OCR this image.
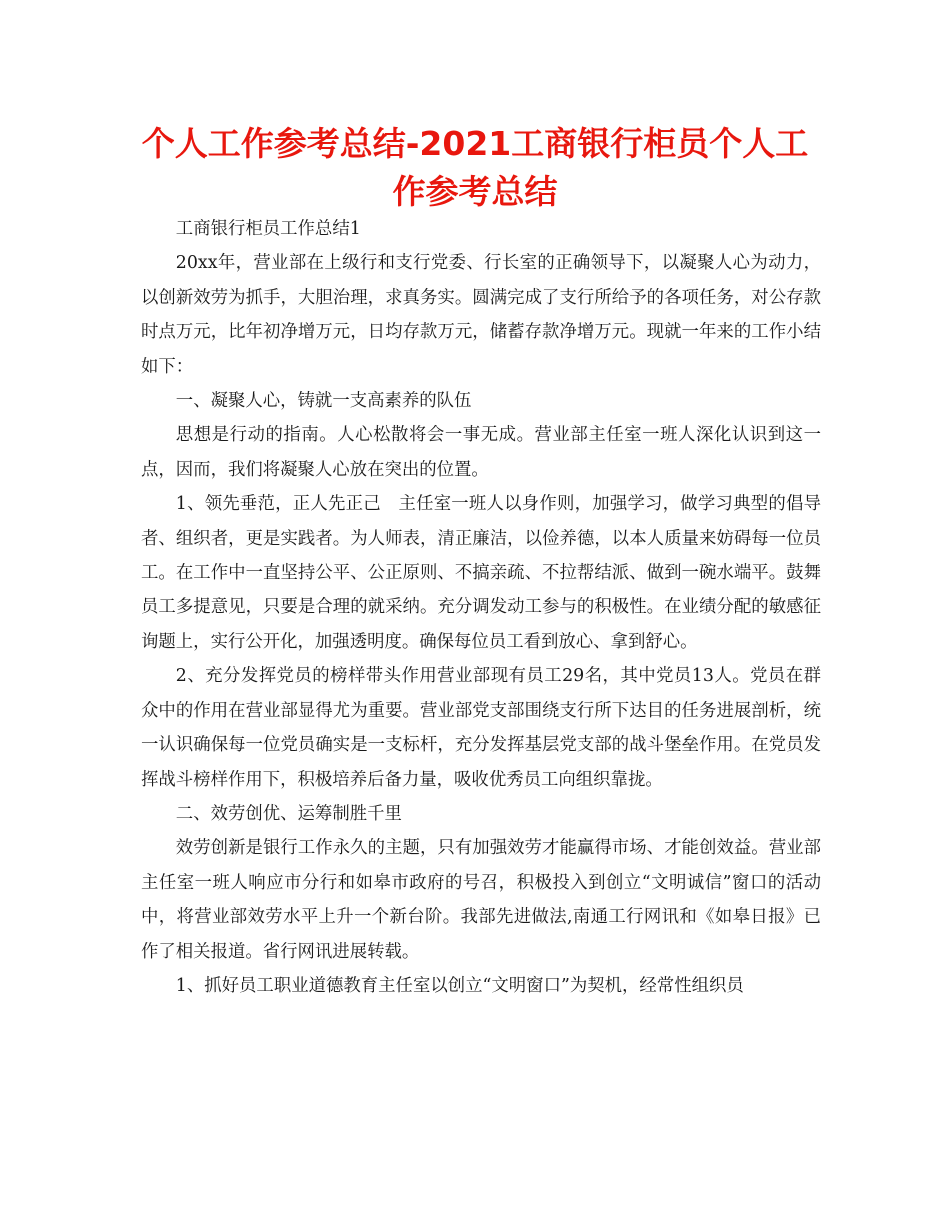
个人工作参考总结-2021工商银行柜员个人工作参考总结

工商银行柜员工作总结1

20xx年，营业部在上级行和支行党委、行长室的正确领导下，以凝聚人心为动力，以创新效劳为抓手，大胆治理，求真务实。圆满完成了支行所给予的各项任务，对公存款时点万元，比年初净增万元，日均存款万元，储蓄存款净增万元。现就一年来的工作小结如下：

一、凝聚人心，铸就一支高素养的队伍

思想是行动的指南。人心松散将会一事无成。营业部主任室一班人深化认识到这一点，因而，我们将凝聚人心放在突出的位置。

1、领先垂范，正人先正己　主任室一班人以身作则，加强学习，做学习典型的倡导者、组织者，更是实践者。为人师表，清正廉洁，以俭养德，以本人质量来妨碍每一位员工。在工作中一直坚持公平、公正原则、不搞亲疏、不拉帮结派、做到一碗水端平。鼓舞员工多提意见，只要是合理的就采纳。充分调发动工参与的积极性。在业绩分配的敏感征询题上，实行公开化，加强透明度。确保每位员工看到放心、拿到舒心。

2、充分发挥党员的榜样带头作用营业部现有员工29名，其中党员13人。党员在群众中的作用在营业部显得尤为重要。营业部党支部围绕支行所下达目的任务进展剖析，统一认识确保每一位党员确实是一支标杆，充分发挥基层党支部的战斗堡垒作用。在党员发挥战斗榜样作用下，积极培养后备力量，吸收优秀员工向组织靠拢。

二、效劳创优、运筹制胜千里

效劳创新是银行工作永久的主题，只有加强效劳才能赢得市场、才能创效益。营业部主任室一班人响应市分行和如皋市政府的号召，积极投入到创立“文明诚信”窗口的活动中，将营业部效劳水平上升一个新台阶。我部先进做法,南通工行网讯和《如皋日报》已作了相关报道。省行网讯进展转载。

1、抓好员工职业道德教育主任室以创立“文明窗口”为契机，经常性组织员
